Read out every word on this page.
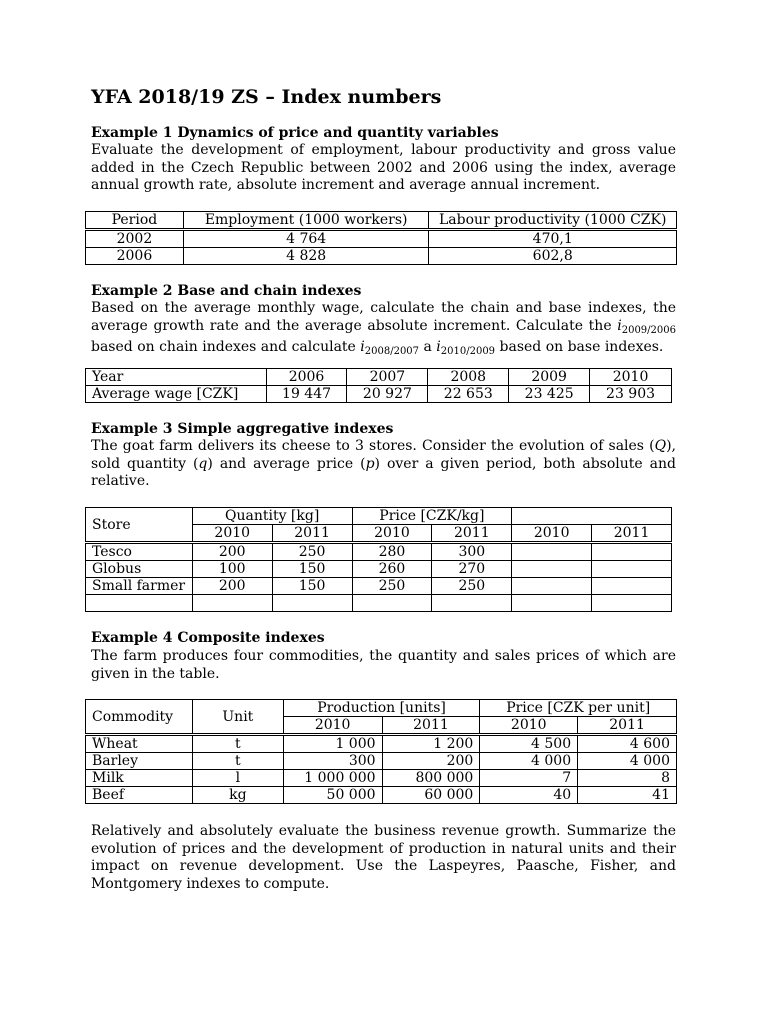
YFA 2018/19 ZS – Index numbers
Example 1 Dynamics of price and quantity variables
Evaluate the development of employment, labour productivity and gross value added in the Czech Republic between 2002 and 2006 using the index, average annual growth rate, absolute increment and average annual increment.
Period	Employment (1000 workers)	Labour productivity (1000 CZK)
2002	4 764	470,1
2006	4 828	602,8
Example 2 Base and chain indexes
Based on the average monthly wage, calculate the chain and base indexes, the average growth rate and the average absolute increment. Calculate the $i_{2009/2006}$ based on chain indexes and calculate $i_{2008/2007}$ a $i_{2010/2009}$ based on base indexes.
Year	2006	2007	2008	2009	2010
Average wage [CZK]	19 447	20 927	22 653	23 425	23 903
Example 3 Simple aggregative indexes
The goat farm delivers its cheese to 3 stores. Consider the evolution of sales (Q), sold quantity (q) and average price (p) over a given period, both absolute and relative.
Store	Quantity [kg]		Price [CZK/kg]			
	2010	2011	2010	2011	2010	2011
Tesco	200	250	280	300		
Globus	100	150	260	270		
Small farmer	200	150	250	250		

Example 4 Composite indexes
The farm produces four commodities, the quantity and sales prices of which are given in the table.
Commodity	Unit	Production [units]		Price [CZK per unit]	
		2010	2011	2010	2011
Wheat	t	1 000	1 200	4 500	4 600
Barley	t	300	200	4 000	4 000
Milk	l	1 000 000	800 000	7	8
Beef	kg	50 000	60 000	40	41
Relatively and absolutely evaluate the business revenue growth. Summarize the evolution of prices and the development of production in natural units and their impact on revenue development. Use the Laspeyres, Paasche, Fisher, and Montgomery indexes to compute.
